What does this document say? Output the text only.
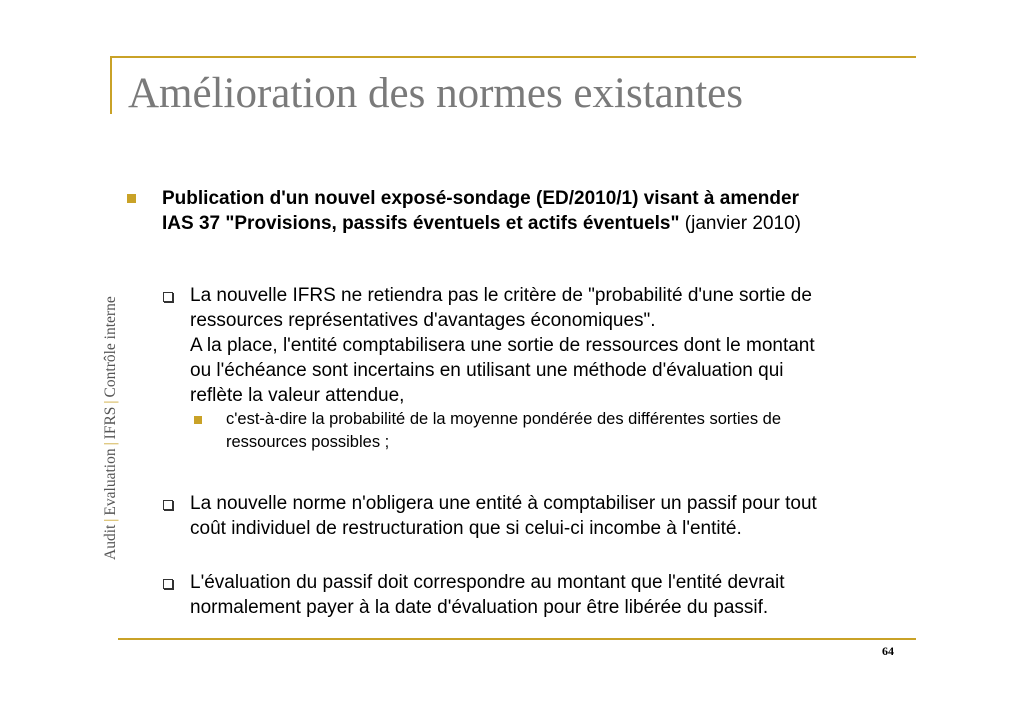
Amélioration des normes existantes
Audit|Evaluation|IFRS|Contrôle interne
Publication d'un nouvel exposé-sondage (ED/2010/1) visant à amender
IAS 37 "Provisions, passifs éventuels et actifs éventuels" (janvier 2010)
La nouvelle IFRS ne retiendra pas le critère de "probabilité d'une sortie de
ressources représentatives d'avantages économiques".
A la place, l'entité comptabilisera une sortie de ressources dont le montant
ou l'échéance sont incertains en utilisant une méthode d'évaluation qui
reflète la valeur attendue,
c'est-à-dire la probabilité de la moyenne pondérée des différentes sorties de
ressources possibles ;
La nouvelle norme n'obligera une entité à comptabiliser un passif pour tout
coût individuel de restructuration que si celui-ci incombe à l'entité.
L'évaluation du passif doit correspondre au montant que l'entité devrait
normalement payer à la date d'évaluation pour être libérée du passif.
64
